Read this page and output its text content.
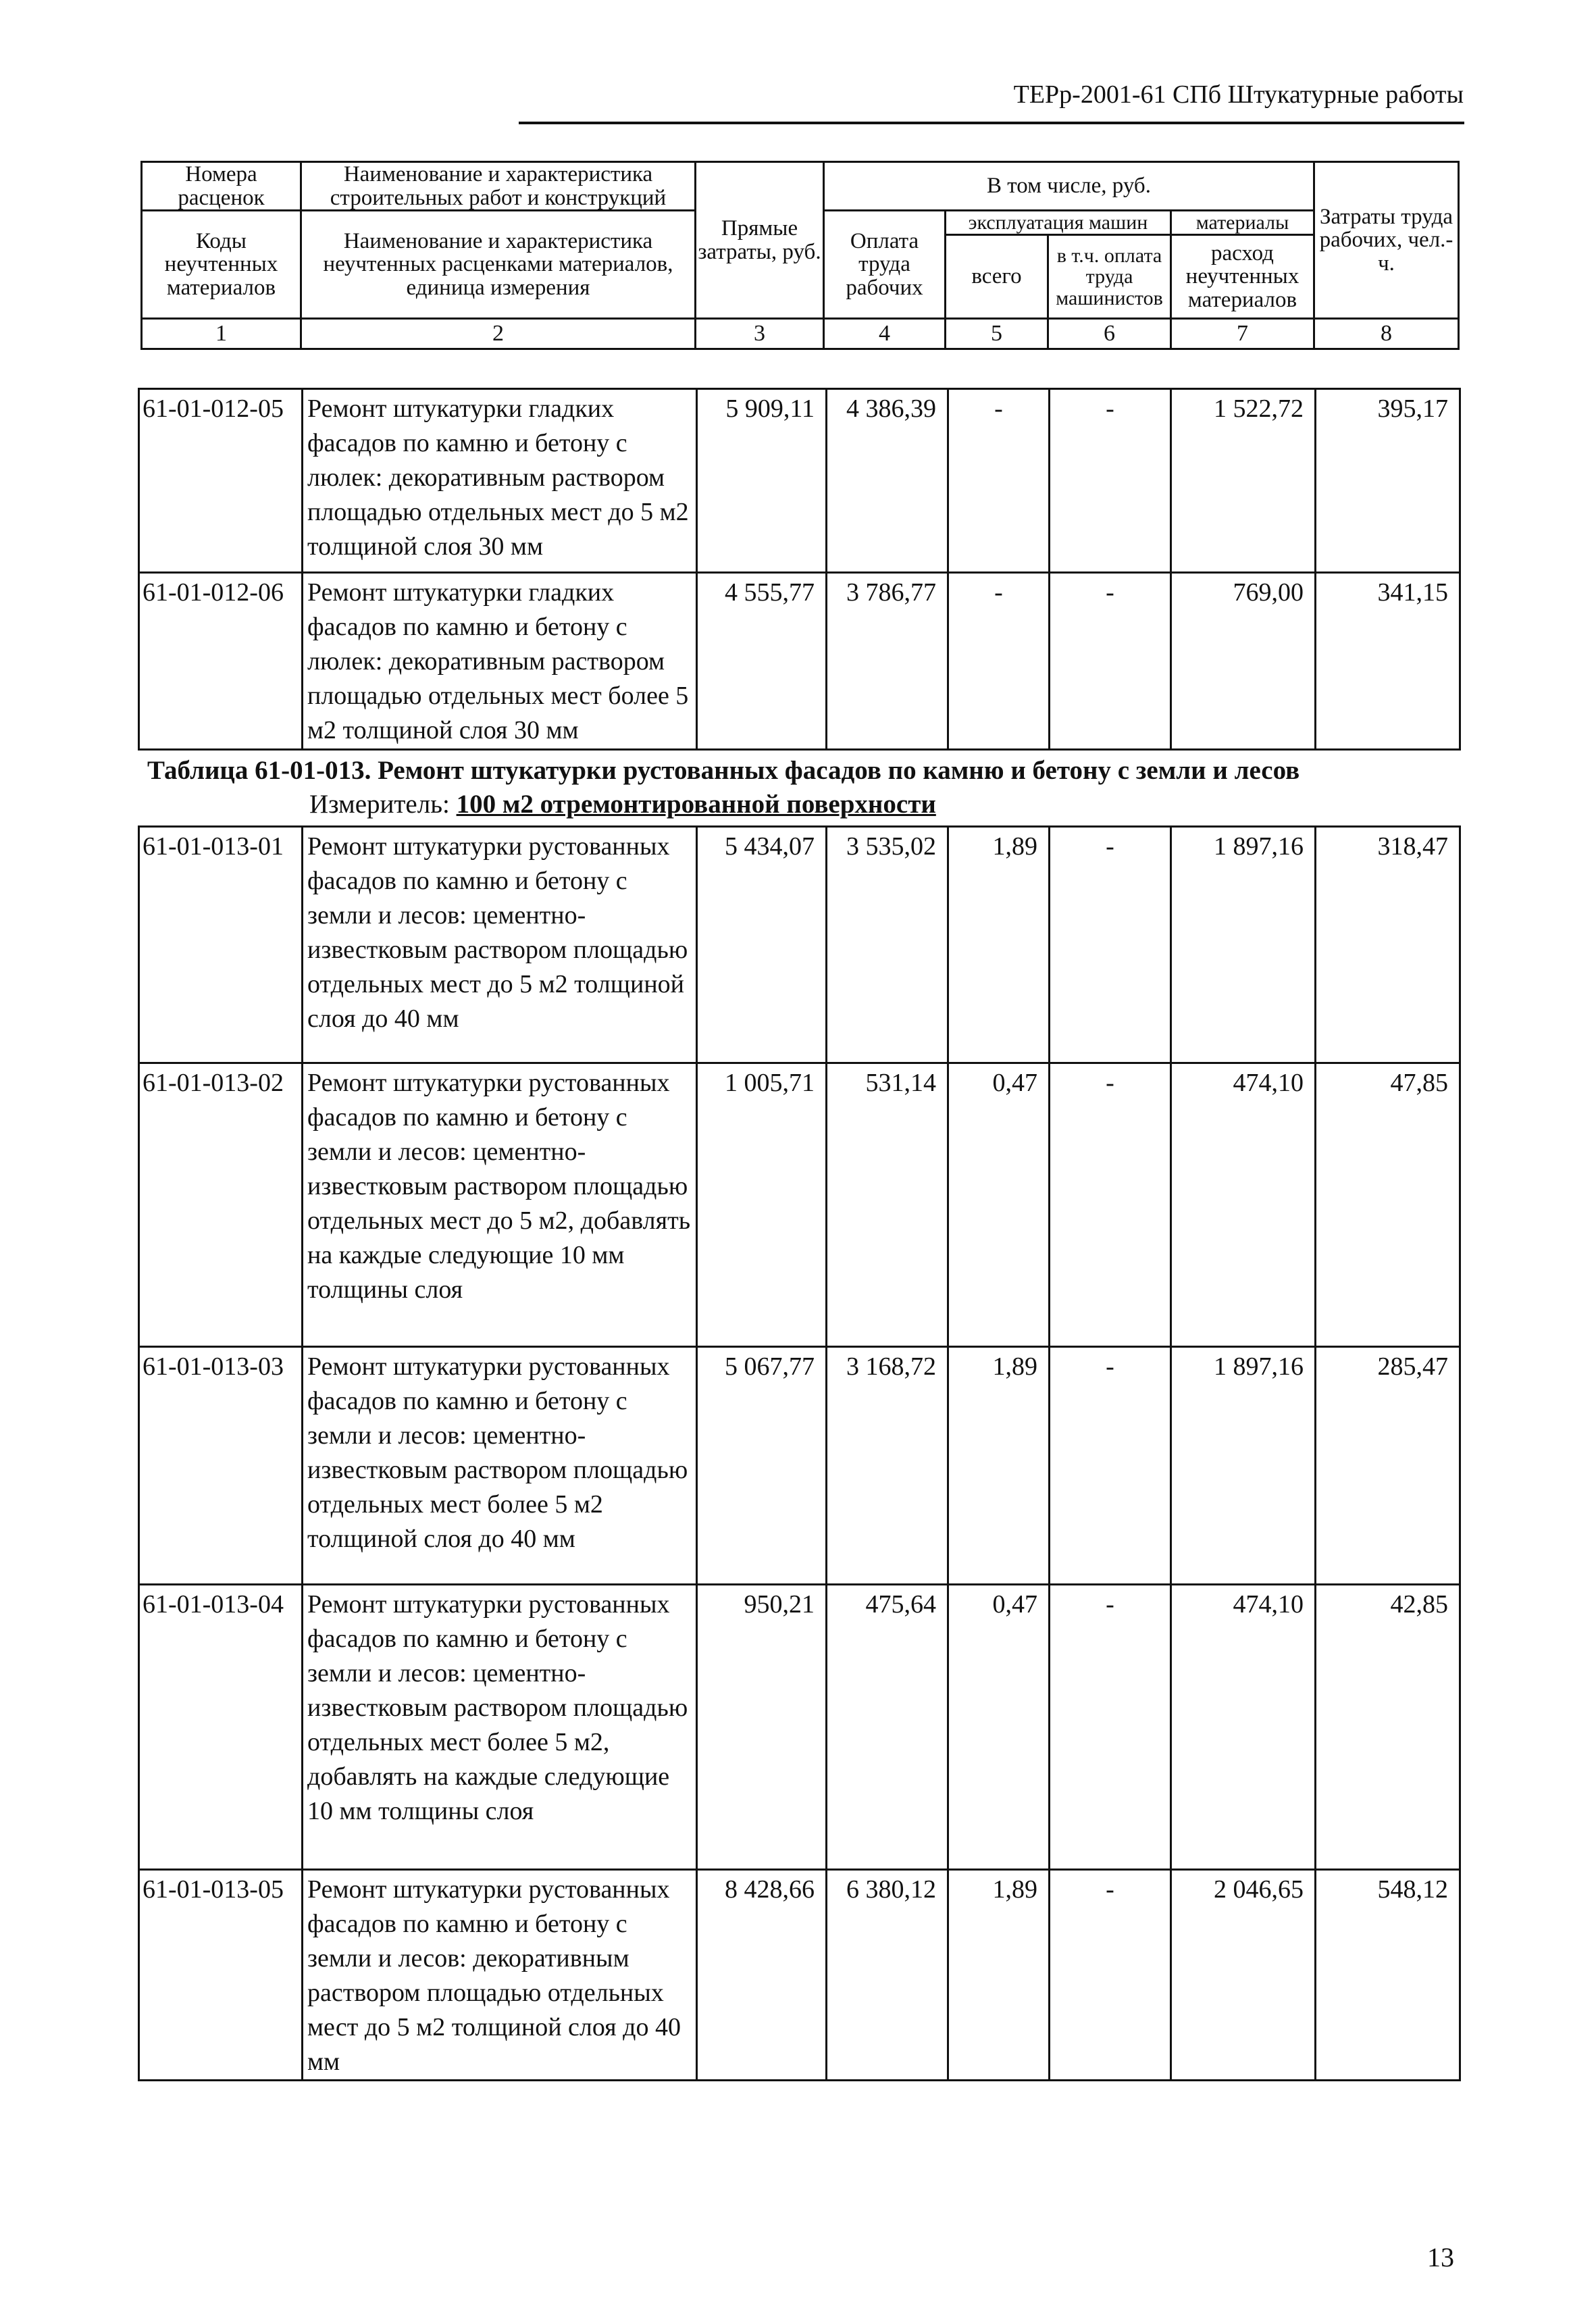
ТЕРр-2001-61 СПб Штукатурные работы
Номера расценок	Наименование и характеристика строительных работ и конструкций	Прямые затраты, руб.	В том числе, руб.				Затраты труда рабочих, чел.-ч.
Коды неучтенных материалов	Наименование и характеристика неучтенных расценками материалов, единица измерения		Оплата труда рабочих	эксплуатация машин		материалы	
				всего	в т.ч. оплата труда машинистов	расход неучтенных материалов	
1	2	3	4	5	6	7	8
61-01-012-05	Ремонт штукатурки гладких фасадов по камню и бетону с люлек: декоративным раствором площадью отдельных мест до 5 м2 толщиной слоя 30 мм	5 909,11	4 386,39	-	-	1 522,72	395,17
61-01-012-06	Ремонт штукатурки гладких фасадов по камню и бетону с люлек: декоративным раствором площадью отдельных мест более 5 м2 толщиной слоя 30 мм	4 555,77	3 786,77	-	-	769,00	341,15
Таблица 61-01-013. Ремонт штукатурки рустованных фасадов по камню и бетону с земли и лесов
Измеритель: 100 м2 отремонтированной поверхности
61-01-013-01	Ремонт штукатурки рустованных фасадов по камню и бетону с земли и лесов: цементно-известковым раствором площадью отдельных мест до 5 м2 толщиной слоя до 40 мм	5 434,07	3 535,02	1,89	-	1 897,16	318,47
61-01-013-02	Ремонт штукатурки рустованных фасадов по камню и бетону с земли и лесов: цементно-известковым раствором площадью отдельных мест до 5 м2, добавлять на каждые следующие 10 мм толщины слоя	1 005,71	531,14	0,47	-	474,10	47,85
61-01-013-03	Ремонт штукатурки рустованных фасадов по камню и бетону с земли и лесов: цементно-известковым раствором площадью отдельных мест более 5 м2 толщиной слоя до 40 мм	5 067,77	3 168,72	1,89	-	1 897,16	285,47
61-01-013-04	Ремонт штукатурки рустованных фасадов по камню и бетону с земли и лесов: цементно-известковым раствором площадью отдельных мест более 5 м2, добавлять на каждые следующие 10 мм толщины слоя	950,21	475,64	0,47	-	474,10	42,85
61-01-013-05	Ремонт штукатурки рустованных фасадов по камню и бетону с земли и лесов: декоративным раствором площадью отдельных мест до 5 м2 толщиной слоя до 40 мм	8 428,66	6 380,12	1,89	-	2 046,65	548,12
13
